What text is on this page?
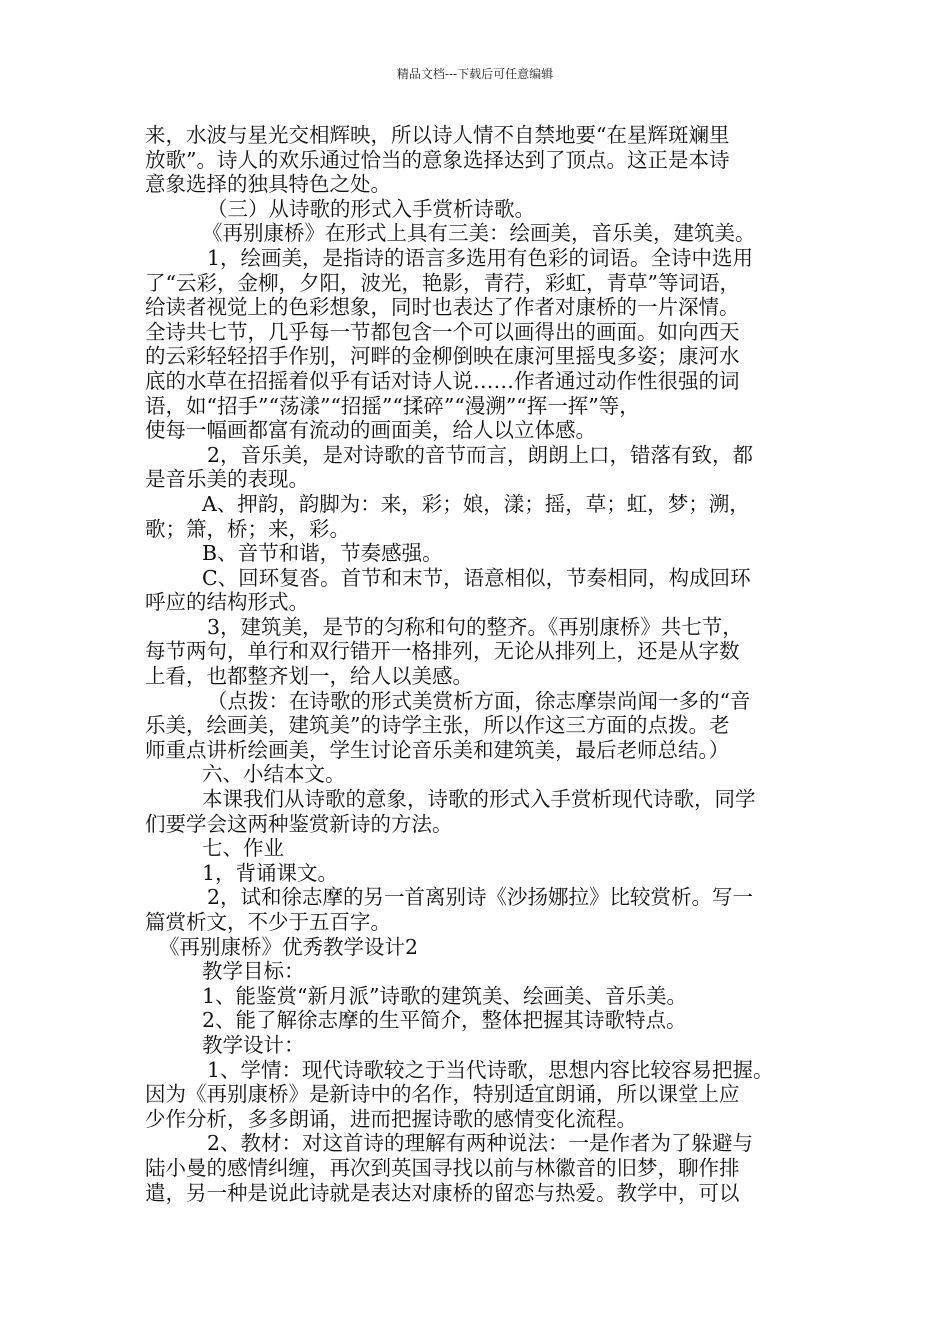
精品文档---下载后可任意编辑
来，水波与星光交相辉映，所以诗人情不自禁地要“在星辉斑斓里
放歌”。诗人的欢乐通过恰当的意象选择达到了顶点。这正是本诗
意象选择的独具特色之处。
（三）从诗歌的形式入手赏析诗歌。
《再别康桥》在形式上具有三美：绘画美，音乐美，建筑美。
1，绘画美，是指诗的语言多选用有色彩的词语。全诗中选用
了“云彩，金柳，夕阳，波光，艳影，青荇，彩虹，青草”等词语，
给读者视觉上的色彩想象，同时也表达了作者对康桥的一片深情。
全诗共七节，几乎每一节都包含一个可以画得出的画面。如向西天
的云彩轻轻招手作别，河畔的金柳倒映在康河里摇曳多姿；康河水
底的水草在招摇着似乎有话对诗人说……作者通过动作性很强的词
语，如“招手”“荡漾”“招摇”“揉碎”“漫溯”“挥一挥”等，
使每一幅画都富有流动的画面美，给人以立体感。
2，音乐美，是对诗歌的音节而言，朗朗上口，错落有致，都
是音乐美的表现。
A、押韵，韵脚为：来，彩；娘，漾；摇，草；虹，梦；溯，
歌；箫，桥；来，彩。
B、音节和谐，节奏感强。
C、回环复沓。首节和末节，语意相似，节奏相同，构成回环
呼应的结构形式。
3，建筑美，是节的匀称和句的整齐。《再别康桥》共七节，
每节两句，单行和双行错开一格排列，无论从排列上，还是从字数
上看，也都整齐划一，给人以美感。
（点拨：在诗歌的形式美赏析方面，徐志摩崇尚闻一多的“音
乐美，绘画美，建筑美”的诗学主张，所以作这三方面的点拨。老
师重点讲析绘画美，学生讨论音乐美和建筑美，最后老师总结。）
六、小结本文。
本课我们从诗歌的意象，诗歌的形式入手赏析现代诗歌，同学
们要学会这两种鉴赏新诗的方法。
七、作业
1，背诵课文。
2，试和徐志摩的另一首离别诗《沙扬娜拉》比较赏析。写一
篇赏析文，不少于五百字。
《再别康桥》优秀教学设计2
教学目标：
1、能鉴赏“新月派”诗歌的建筑美、绘画美、音乐美。
2、能了解徐志摩的生平简介，整体把握其诗歌特点。
教学设计：
1、学情：现代诗歌较之于当代诗歌，思想内容比较容易把握。
因为《再别康桥》是新诗中的名作，特别适宜朗诵，所以课堂上应
少作分析，多多朗诵，进而把握诗歌的感情变化流程。
2、教材：对这首诗的理解有两种说法：一是作者为了躲避与
陆小曼的感情纠缠，再次到英国寻找以前与林徽音的旧梦，聊作排
遣，另一种是说此诗就是表达对康桥的留恋与热爱。教学中，可以
